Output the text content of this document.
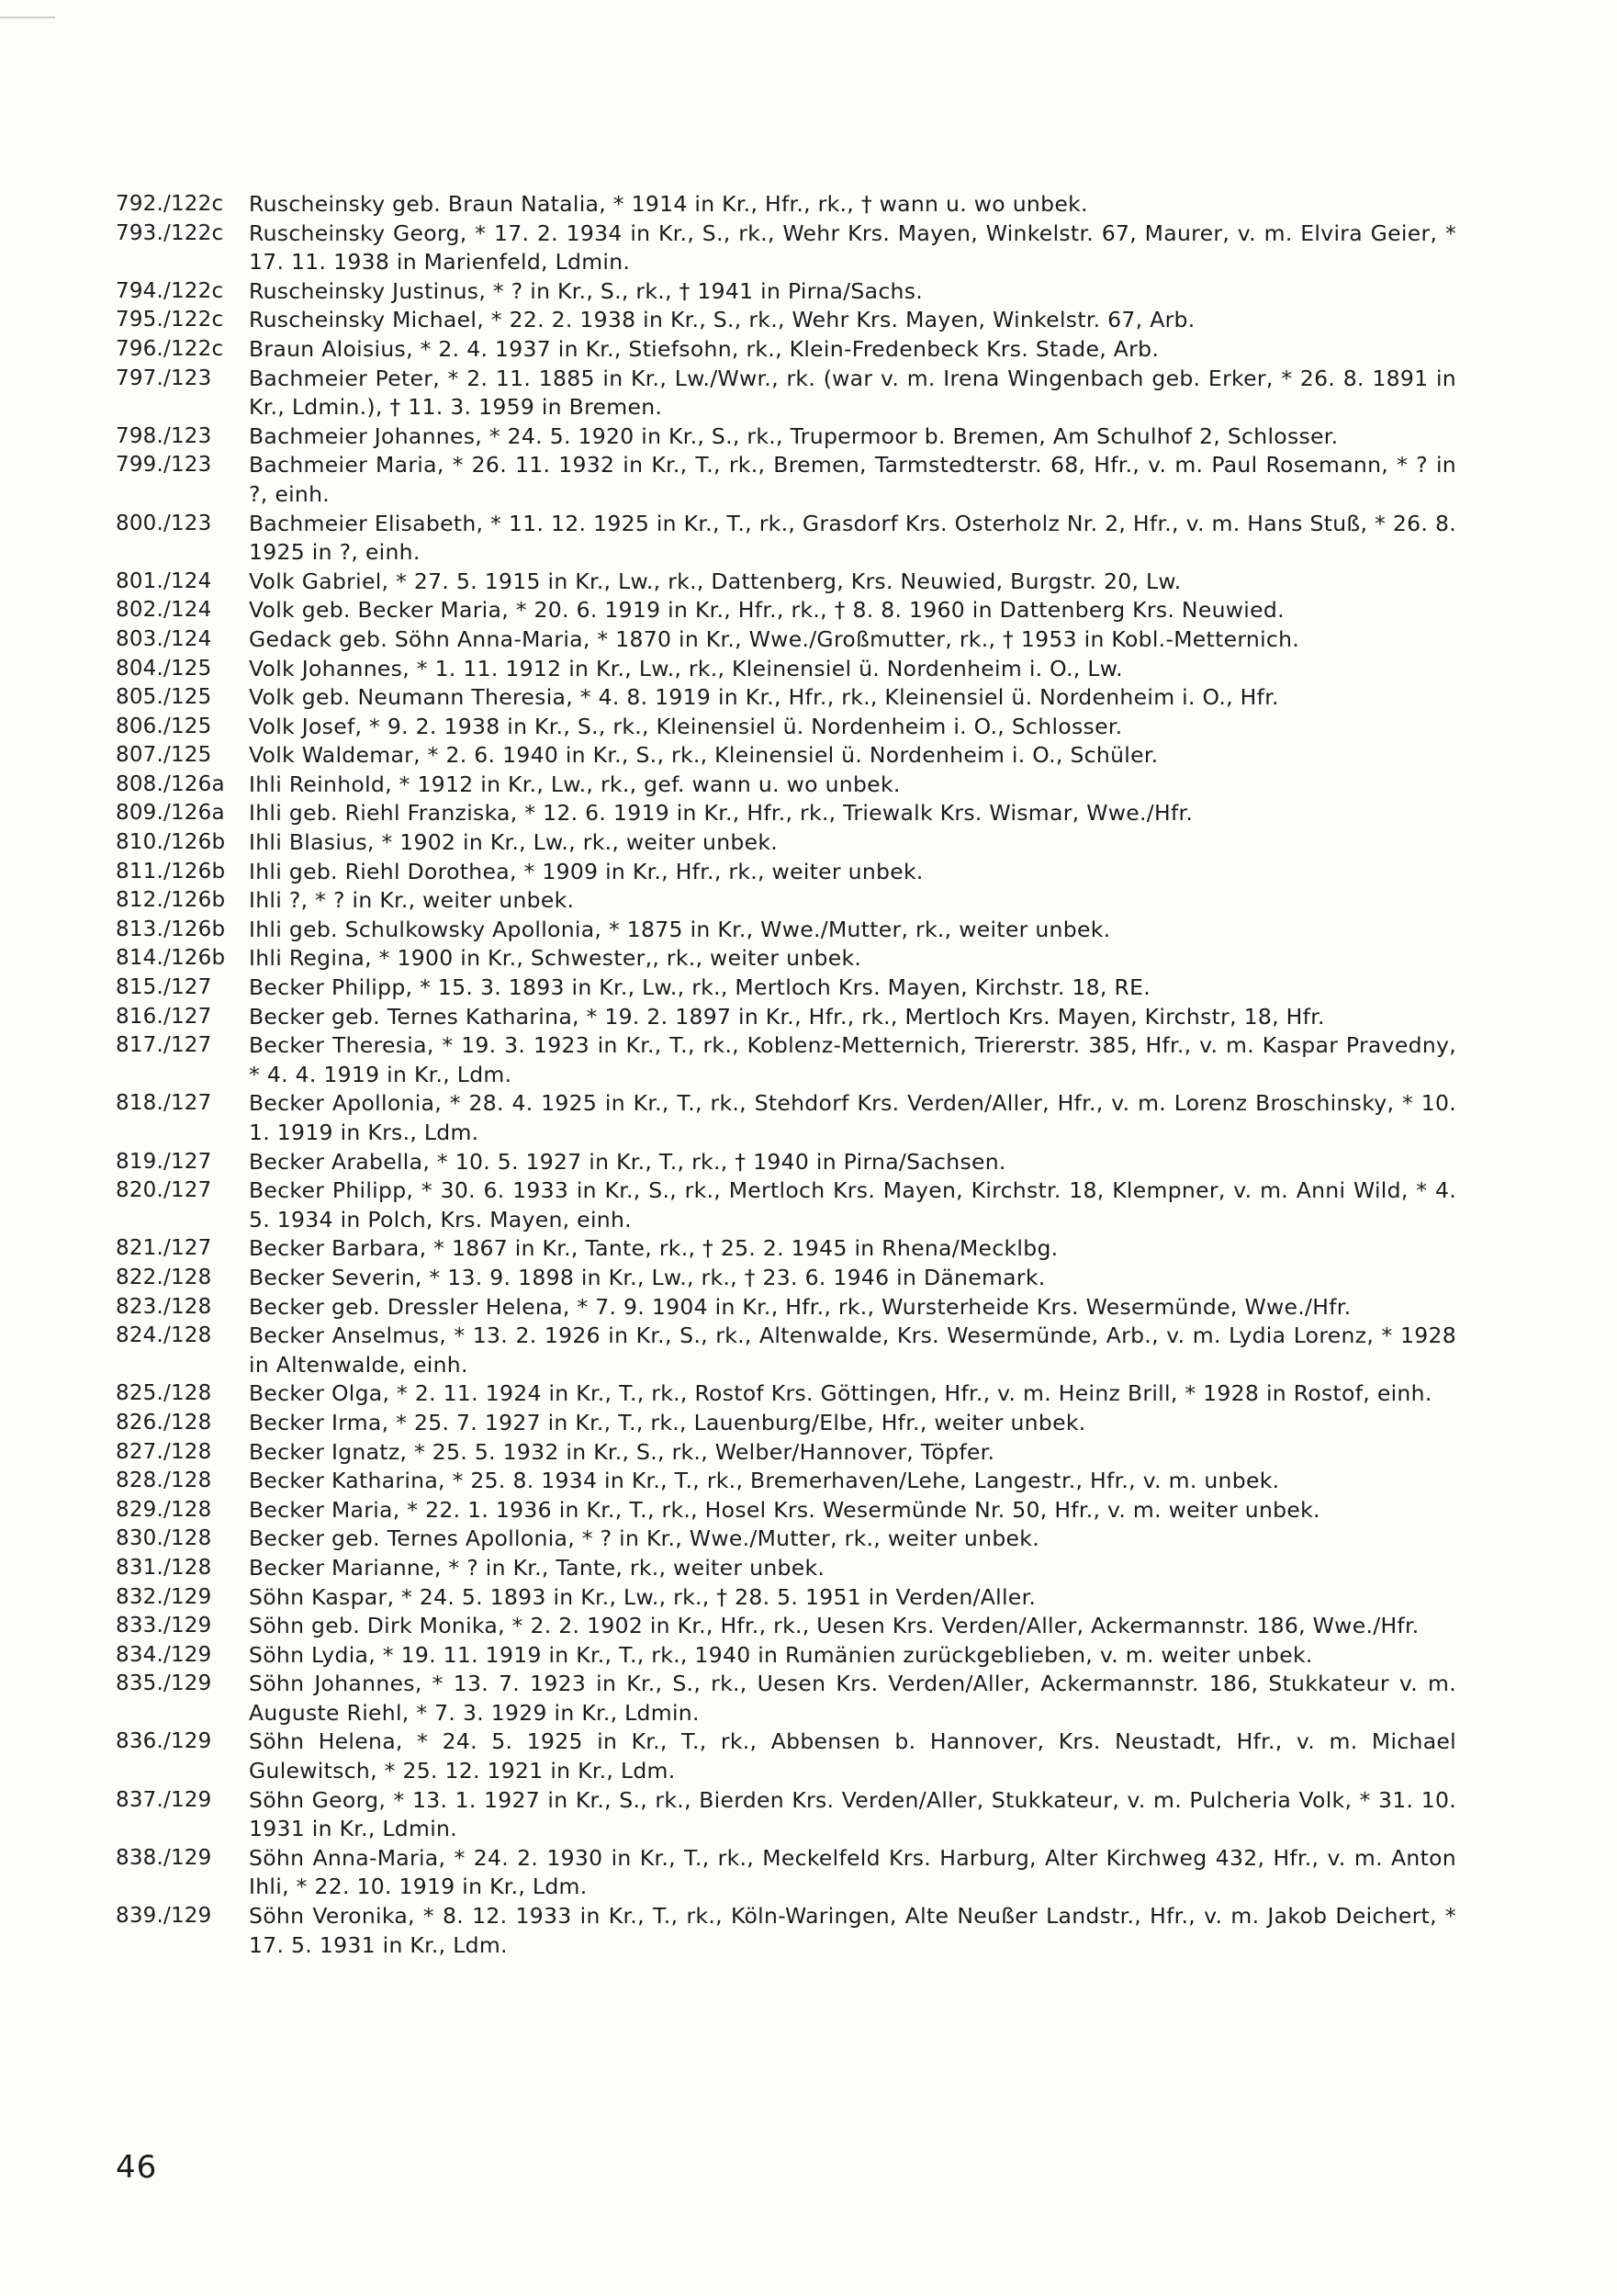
792./122c	Ruscheinsky geb. Braun Natalia, * 1914 in Kr., Hfr., rk., † wann u. wo unbek.
793./122c	Ruscheinsky Georg, * 17. 2. 1934 in Kr., S., rk., Wehr Krs. Mayen, Winkelstr. 67, Maurer, v. m. Elvira Geier, * 17. 11. 1938 in Marienfeld, Ldmin.
794./122c	Ruscheinsky Justinus, * ? in Kr., S., rk., † 1941 in Pirna/Sachs.
795./122c	Ruscheinsky Michael, * 22. 2. 1938 in Kr., S., rk., Wehr Krs. Mayen, Winkelstr. 67, Arb.
796./122c	Braun Aloisius, * 2. 4. 1937 in Kr., Stiefsohn, rk., Klein-Fredenbeck Krs. Stade, Arb.
797./123	Bachmeier Peter, * 2. 11. 1885 in Kr., Lw./Wwr., rk. (war v. m. Irena Wingenbach geb. Erker, * 26. 8. 1891 in Kr., Ldmin.), † 11. 3. 1959 in Bremen.
798./123	Bachmeier Johannes, * 24. 5. 1920 in Kr., S., rk., Trupermoor b. Bremen, Am Schulhof 2, Schlosser.
799./123	Bachmeier Maria, * 26. 11. 1932 in Kr., T., rk., Bremen, Tarmstedterstr. 68, Hfr., v. m. Paul Rosemann, * ? in ?, einh.
800./123	Bachmeier Elisabeth, * 11. 12. 1925 in Kr., T., rk., Grasdorf Krs. Osterholz Nr. 2, Hfr., v. m. Hans Stuß, * 26. 8. 1925 in ?, einh.
801./124	Volk Gabriel, * 27. 5. 1915 in Kr., Lw., rk., Dattenberg, Krs. Neuwied, Burgstr. 20, Lw.
802./124	Volk geb. Becker Maria, * 20. 6. 1919 in Kr., Hfr., rk., † 8. 8. 1960 in Dattenberg Krs. Neuwied.
803./124	Gedack geb. Söhn Anna-Maria, * 1870 in Kr., Wwe./Großmutter, rk., † 1953 in Kobl.-Metternich.
804./125	Volk Johannes, * 1. 11. 1912 in Kr., Lw., rk., Kleinensiel ü. Nordenheim i. O., Lw.
805./125	Volk geb. Neumann Theresia, * 4. 8. 1919 in Kr., Hfr., rk., Kleinensiel ü. Nordenheim i. O., Hfr.
806./125	Volk Josef, * 9. 2. 1938 in Kr., S., rk., Kleinensiel ü. Nordenheim i. O., Schlosser.
807./125	Volk Waldemar, * 2. 6. 1940 in Kr., S., rk., Kleinensiel ü. Nordenheim i. O., Schüler.
808./126a	Ihli Reinhold, * 1912 in Kr., Lw., rk., gef. wann u. wo unbek.
809./126a	Ihli geb. Riehl Franziska, * 12. 6. 1919 in Kr., Hfr., rk., Triewalk Krs. Wismar, Wwe./Hfr.
810./126b	Ihli Blasius, * 1902 in Kr., Lw., rk., weiter unbek.
811./126b	Ihli geb. Riehl Dorothea, * 1909 in Kr., Hfr., rk., weiter unbek.
812./126b	Ihli ?, * ? in Kr., weiter unbek.
813./126b	Ihli geb. Schulkowsky Apollonia, * 1875 in Kr., Wwe./Mutter, rk., weiter unbek.
814./126b	Ihli Regina, * 1900 in Kr., Schwester,, rk., weiter unbek.
815./127	Becker Philipp, * 15. 3. 1893 in Kr., Lw., rk., Mertloch Krs. Mayen, Kirchstr. 18, RE.
816./127	Becker geb. Ternes Katharina, * 19. 2. 1897 in Kr., Hfr., rk., Mertloch Krs. Mayen, Kirchstr, 18, Hfr.
817./127	Becker Theresia, * 19. 3. 1923 in Kr., T., rk., Koblenz-Metternich, Triererstr. 385, Hfr., v. m. Kaspar Pravedny, * 4. 4. 1919 in Kr., Ldm.
818./127	Becker Apollonia, * 28. 4. 1925 in Kr., T., rk., Stehdorf Krs. Verden/Aller, Hfr., v. m. Lorenz Broschinsky, * 10. 1. 1919 in Krs., Ldm.
819./127	Becker Arabella, * 10. 5. 1927 in Kr., T., rk., † 1940 in Pirna/Sachsen.
820./127	Becker Philipp, * 30. 6. 1933 in Kr., S., rk., Mertloch Krs. Mayen, Kirchstr. 18, Klempner, v. m. Anni Wild, * 4. 5. 1934 in Polch, Krs. Mayen, einh.
821./127	Becker Barbara, * 1867 in Kr., Tante, rk., † 25. 2. 1945 in Rhena/Mecklbg.
822./128	Becker Severin, * 13. 9. 1898 in Kr., Lw., rk., † 23. 6. 1946 in Dänemark.
823./128	Becker geb. Dressler Helena, * 7. 9. 1904 in Kr., Hfr., rk., Wursterheide Krs. Wesermünde, Wwe./Hfr.
824./128	Becker Anselmus, * 13. 2. 1926 in Kr., S., rk., Altenwalde, Krs. Wesermünde, Arb., v. m. Lydia Lorenz, * 1928 in Altenwalde, einh.
825./128	Becker Olga, * 2. 11. 1924 in Kr., T., rk., Rostof Krs. Göttingen, Hfr., v. m. Heinz Brill, * 1928 in Rostof, einh.
826./128	Becker Irma, * 25. 7. 1927 in Kr., T., rk., Lauenburg/Elbe, Hfr., weiter unbek.
827./128	Becker Ignatz, * 25. 5. 1932 in Kr., S., rk., Welber/Hannover, Töpfer.
828./128	Becker Katharina, * 25. 8. 1934 in Kr., T., rk., Bremerhaven/Lehe, Langestr., Hfr., v. m. unbek.
829./128	Becker Maria, * 22. 1. 1936 in Kr., T., rk., Hosel Krs. Wesermünde Nr. 50, Hfr., v. m. weiter unbek.
830./128	Becker geb. Ternes Apollonia, * ? in Kr., Wwe./Mutter, rk., weiter unbek.
831./128	Becker Marianne, * ? in Kr., Tante, rk., weiter unbek.
832./129	Söhn Kaspar, * 24. 5. 1893 in Kr., Lw., rk., † 28. 5. 1951 in Verden/Aller.
833./129	Söhn geb. Dirk Monika, * 2. 2. 1902 in Kr., Hfr., rk., Uesen Krs. Verden/Aller, Ackermannstr. 186, Wwe./Hfr.
834./129	Söhn Lydia, * 19. 11. 1919 in Kr., T., rk., 1940 in Rumänien zurückgeblieben, v. m. weiter unbek.
835./129	Söhn Johannes, * 13. 7. 1923 in Kr., S., rk., Uesen Krs. Verden/Aller, Ackermannstr. 186, Stukkateur v. m. Auguste Riehl, * 7. 3. 1929 in Kr., Ldmin.
836./129	Söhn Helena, * 24. 5. 1925 in Kr., T., rk., Abbensen b. Hannover, Krs. Neustadt, Hfr., v. m. Michael Gulewitsch, * 25. 12. 1921 in Kr., Ldm.
837./129	Söhn Georg, * 13. 1. 1927 in Kr., S., rk., Bierden Krs. Verden/Aller, Stukkateur, v. m. Pulcheria Volk, * 31. 10. 1931 in Kr., Ldmin.
838./129	Söhn Anna-Maria, * 24. 2. 1930 in Kr., T., rk., Meckelfeld Krs. Harburg, Alter Kirchweg 432, Hfr., v. m. Anton Ihli, * 22. 10. 1919 in Kr., Ldm.
839./129	Söhn Veronika, * 8. 12. 1933 in Kr., T., rk., Köln-Waringen, Alte Neußer Landstr., Hfr., v. m. Jakob Deichert, * 17. 5. 1931 in Kr., Ldm.
46
